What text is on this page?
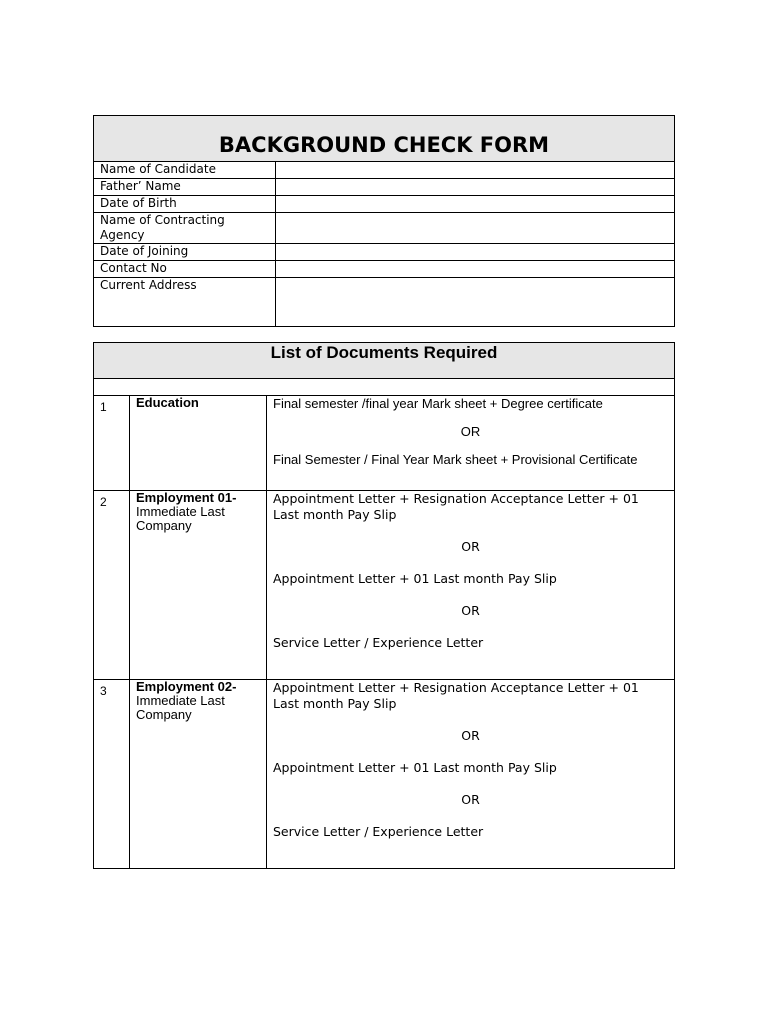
BACKGROUND CHECK FORM	
Name of Candidate	
Father’ Name	
Date of Birth	
Name of Contracting Agency	
Date of Joining	
Contact No	
Current Address	
List of Documents Required		

1	Education	Final semester /final year Mark sheet + Degree certificate
OR
Final Semester / Final Year Mark sheet + Provisional Certificate

2	Employment 01-
Immediate Last Company	Appointment Letter + Resignation Acceptance Letter + 01 Last month Pay Slip
OR
Appointment Letter + 01 Last month Pay Slip
OR
Service Letter / Experience Letter

3	Employment 02-
Immediate Last Company	Appointment Letter + Resignation Acceptance Letter + 01 Last month Pay Slip
OR
Appointment Letter + 01 Last month Pay Slip
OR
Service Letter / Experience Letter
